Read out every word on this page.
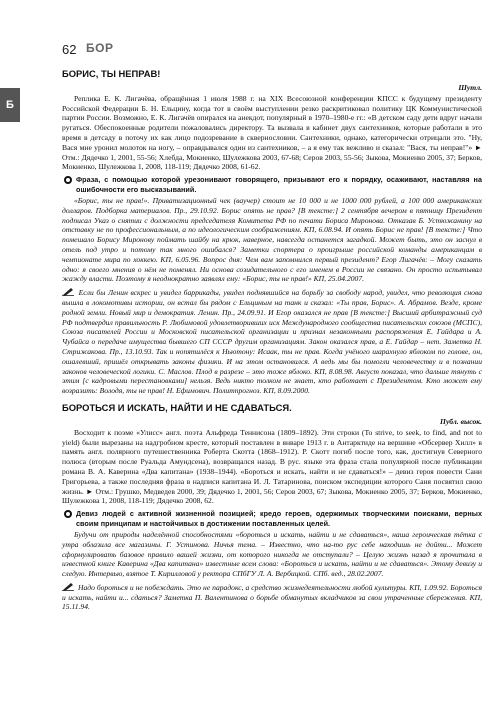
Б
62 БОР
БОРИС, ТЫ НЕПРАВ!
Шутл.

Реплика Е. К. Лигачёва, обращённая 1 июля 1988 г. на XIX Всесоюзной конференции КПСС к будущему президенту Российской Федерации Б. Н. Ельцину, когда тот в своём выступлении резко раскритиковал политику ЦК Коммунистической партии России. Возможно, Е. К. Лигачёв опирался на анекдот, популярный в 1970–1980-е гг.: «В детском саду дети вдруг начали ругаться. Обеспокоенные родители пожаловались директору. Та вызвала в кабинет двух сантехников, которые работали в это время в детсаду в поточу их как лицо подозревание в сквернословии. Сантехники, однако, категорически отрицали это. "Ну, Вася мне уронил молоток на ногу, – оправдывался один из сантехников, – а я ему так вежливо и сказал: "Вася, ты неправ!"» ► Отм.: Дядечко 1, 2001, 55-56; Хлебда, Мокиенко, Шулежкова 2003, 67-68; Серов 2003, 55-56; Зыкова, Мокиенко 2005, 37; Берков, Мокиенко, Шулежкова 1, 2008, 118-119; Дядечко 2008, 61-62.

Фраза, с помощью которой урезонивают говорящего, призывают его к порядку, осаживают, наставляя на ошибочности его высказываний.

«Борис, ты не прав!». Приватизационный чек (ваучер) стоит не 10 000 и не 1000 000 рублей, а 100 000 американских долларов. Подборка материалов. Пр., 29.10.92. Борис опять не прав? [В тексте:] 2 сентября вечером в пятницу Президент подписал Указ о снятии с должности председателя Комитета РФ по печати Бориса Миронова. Отказав Б. Устюжанину на отставку не по профессиональным, а по идеологическим соображениям. КП, 6.08.94. И опять Борис не прав! [В тексте:] Что помешало Борису Миронову поймать шайбу на крюк, наверное, навсегда останется загадкой. Может быть, это он заснул в отель под утро и потому так много ошибался? Заметки спортера о проигрыше российской команды американцам в чемпионате мира по хоккею. КП, 6.05.96. Вопрос дня: Чем вам запомнился первый президент? Егор Лигачёв: – Могу сказать одно: я своего мнения о нём не поменял. Ни основа созидательного с его именем в России не связано. Он просто испытывал жажду власти. Поэтому я неоднократно заявлял ему: «Борис, ты не прав!» КП, 25.04.2007.

Если бы Ленин вскрес и увидел баррикады, увидел поднявшийся на борьбу за свободу народ, увидел, что революция снова вышла в локомотивы истории, он встал бы рядом с Ельциным на танк и сказал: «Ты прав, Борис». А. Абрамов. Везде, кроме родной земли. Новый мир и демократия. Ленин. Пр., 24.09.91. И Егор оказался не прав [В тексте:] Высший арбитражный суд РФ подтвердил правильность Р. Любимовой удовлетворивших иск Международного сообщества писательских союзов (МСПС), Союза писателей России и Московской писательской организации и признал незаконными распоряжения Е. Гайдара и А. Чубайса о передаче имущества бывшего СП СССР другим организациям. Закон оказался прав, а Е. Гайдар – нет. Заметка Н. Стрижакова. Пр., 13.10.93. Так и нопятилёся к Ньютону: Исаак, ты не прав. Когда учёного шарахнуло яблоком по голове, он, ошалевший, пришёл открывать законы физики. И на этом остановился. А ведь мы бы помогли человечеству и в познании законов человеческой логики. С. Маслов. Плод в разрезе – это тоже яблоко. КП, 8.08.98. Август показал, что дальше тянуть с этим [с кадровыми перестановками] нельзя. Ведь никто толком не знает, кто работает с Президентом. Кто может ему возразить: Володя, ты не прав! Н. Ефимович. Политпрогноз. КП, 8.09.2000.

БОРОТЬСЯ И ИСКАТЬ, НАЙТИ И НЕ СДАВАТЬСЯ.
Публ. высок.

Восходит к поэме «Улисс» англ. поэта Альфреда Теннисона (1809–1892). Эти строки (To strive, to seek, to find, and not to yield) были вырезаны на надгробном кресте, который поставлен в январе 1913 г. в Антарктиде на вершине «Обсервер Хилл» в память англ. полярного путешественника Роберта Скотта (1868–1912). Р. Скотт погиб после того, как, достигнув Северного полюса (вторым после Руальда Амундсена), возвращался назад. В рус. языке эта фраза стала популярной после публикации романа В. А. Каверина «Два капитана» (1938–1944). «Бороться и искать, найти и не сдаваться!» – девиз героя повести Сани Григорьева, а также последняя фраза в надписи капитана И. Л. Татаринова, поиском экспедиции которого Саня посвятил свою жизнь. ► Отм.: Грушко, Медведев 2000, 39; Дядечко 1, 2001, 56; Серов 2003, 67; Зыкова, Мокиенко 2005, 37; Берков, Мокиенко, Шулежкова 1, 2008, 118-119; Дядечко 2008, 62.

Девиз людей с активной жизненной позицией; кредо героев, одержимых творческими поисками, верных своим принципам и настойчивых в достижении поставленных целей.

Будучи от природы наделённой способностями «бороться и искать, найти и не сдаваться», наша героическая тётка с утра облазила все магазины. Г. Устинова. Ничья тема. – Известно, что на-то рус себе находишь не дойти... Может сформулировать базовое правило вашей жизни, от которого никогда не отступали? – Целую жизнь назад я прочитала в известной книге Каверина «Два капитана» известные всем слова: «Бороться и искать, найти и не сдаваться». Этому девизу и следую. Интервью, взятое Т. Кирилловой у ректора СПбГУ Л. А. Вербицкой. СПб. вед., 28.02.2007.

Надо бороться и не побеждать. Это не парадокс, а средство жизнедеятельности любой культуры. КП, 1.09.92. Бороться и искать, найти и... сдаться? Заметка П. Валентинова о борьбе обманутых вкладчиков за свои утраченные сбережения. КП, 15.11.94.
